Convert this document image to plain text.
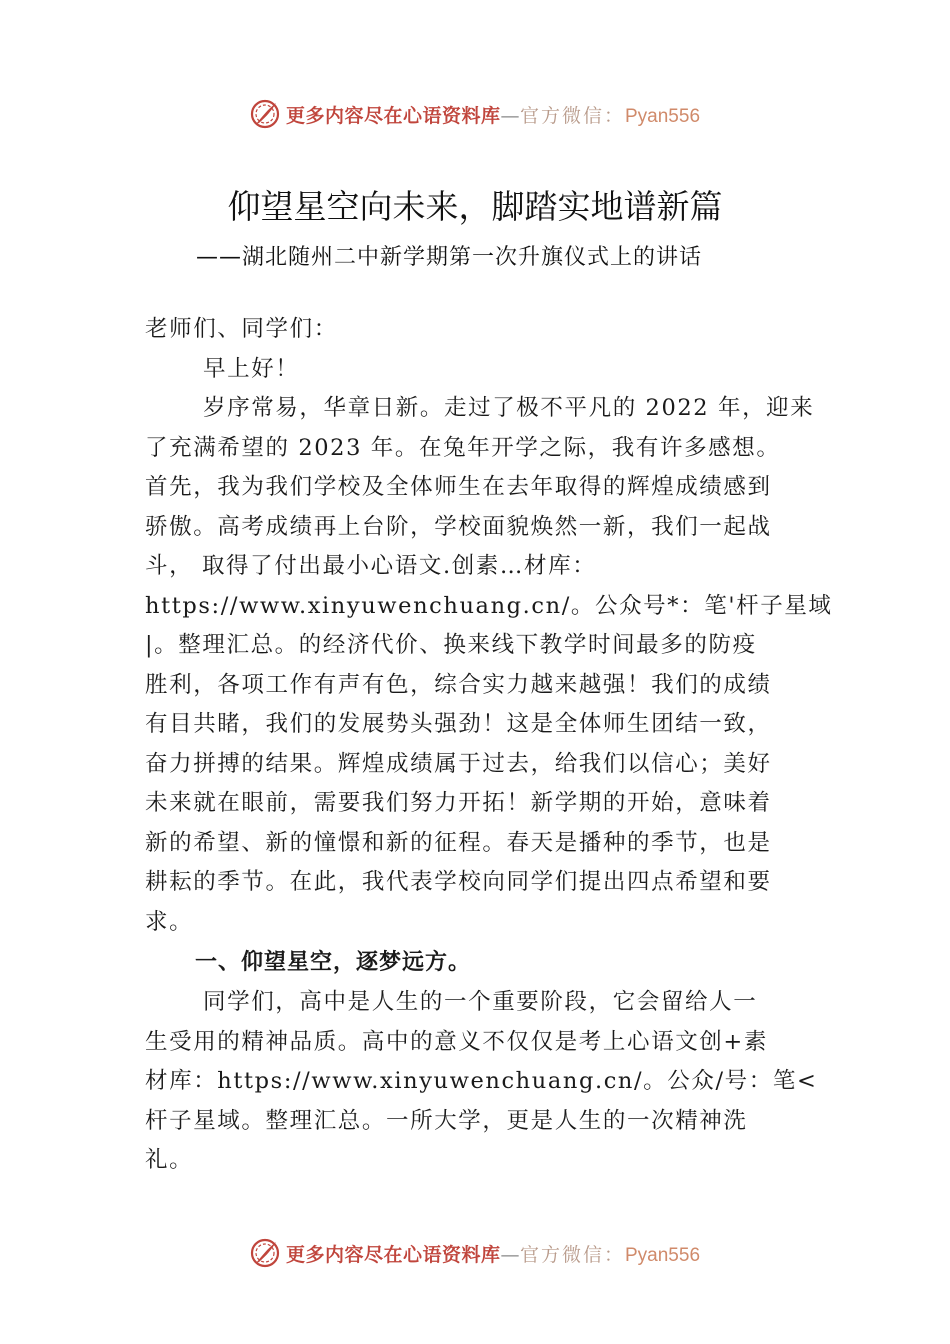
更多内容尽在心语资料库—官方微信：Pyan556
仰望星空向未来，脚踏实地谱新篇
——湖北随州二中新学期第一次升旗仪式上的讲话
老师们、同学们：
早上好！
岁序常易，华章日新。走过了极不平凡的 2022 年，迎来
了充满希望的 2023 年。在兔年开学之际，我有许多感想。
首先，我为我们学校及全体师生在去年取得的辉煌成绩感到
骄傲。高考成绩再上台阶，学校面貌焕然一新，我们一起战
斗， 取得了付出最小心语文.创素…材库：
https://www.xinyuwenchuang.cn/。公众号*：笔'杆子星域
|。整理汇总。的经济代价、换来线下教学时间最多的防疫
胜利，各项工作有声有色，综合实力越来越强！我们的成绩
有目共睹，我们的发展势头强劲！这是全体师生团结一致，
奋力拼搏的结果。辉煌成绩属于过去，给我们以信心；美好
未来就在眼前，需要我们努力开拓！新学期的开始，意味着
新的希望、新的憧憬和新的征程。春天是播种的季节，也是
耕耘的季节。在此，我代表学校向同学们提出四点希望和要
求。
一、仰望星空，逐梦远方。
同学们，高中是人生的一个重要阶段，它会留给人一
生受用的精神品质。高中的意义不仅仅是考上心语文创+素
材库：https://www.xinyuwenchuang.cn/。公众/号：笔<
杆子星域。整理汇总。一所大学，更是人生的一次精神洗
礼。
更多内容尽在心语资料库—官方微信：Pyan556
